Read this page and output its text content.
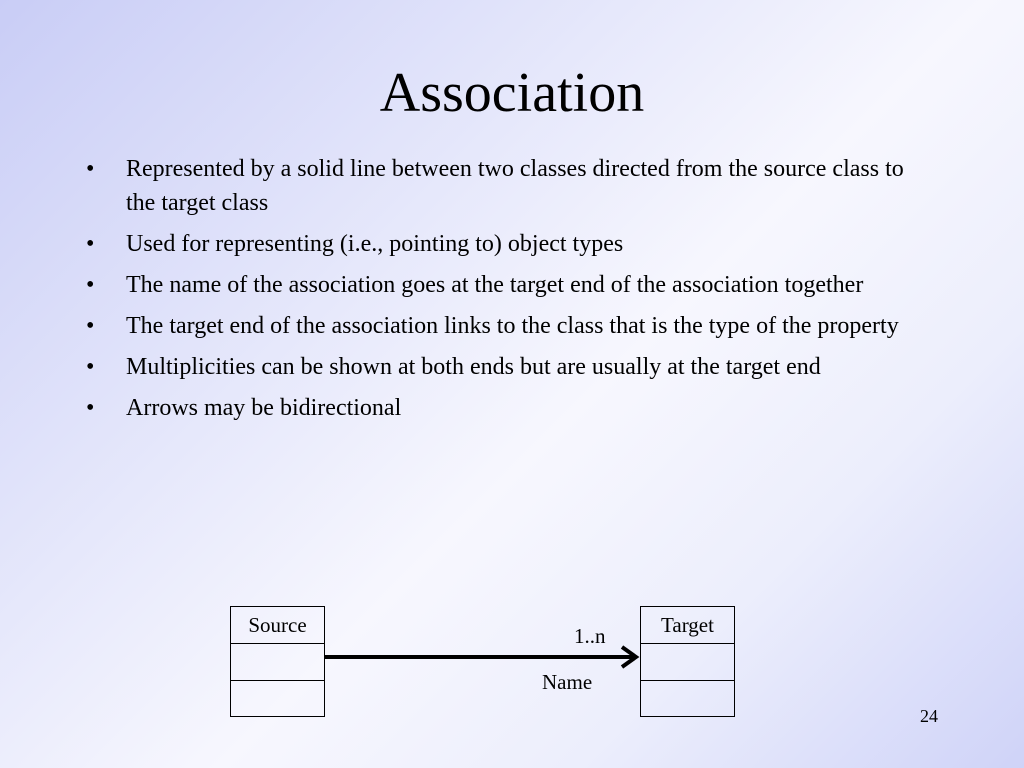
Association
• Represented by a solid line between two classes directed from the source class to the target class
• Used for representing (i.e., pointing to) object types
• The name of the association goes at the target end of the association together
• The target end of the association links to the class that is the type of the property
• Multiplicities can be shown at both ends but are usually at the target end
• Arrows may be bidirectional
Source	Target
1..n
Name
24
